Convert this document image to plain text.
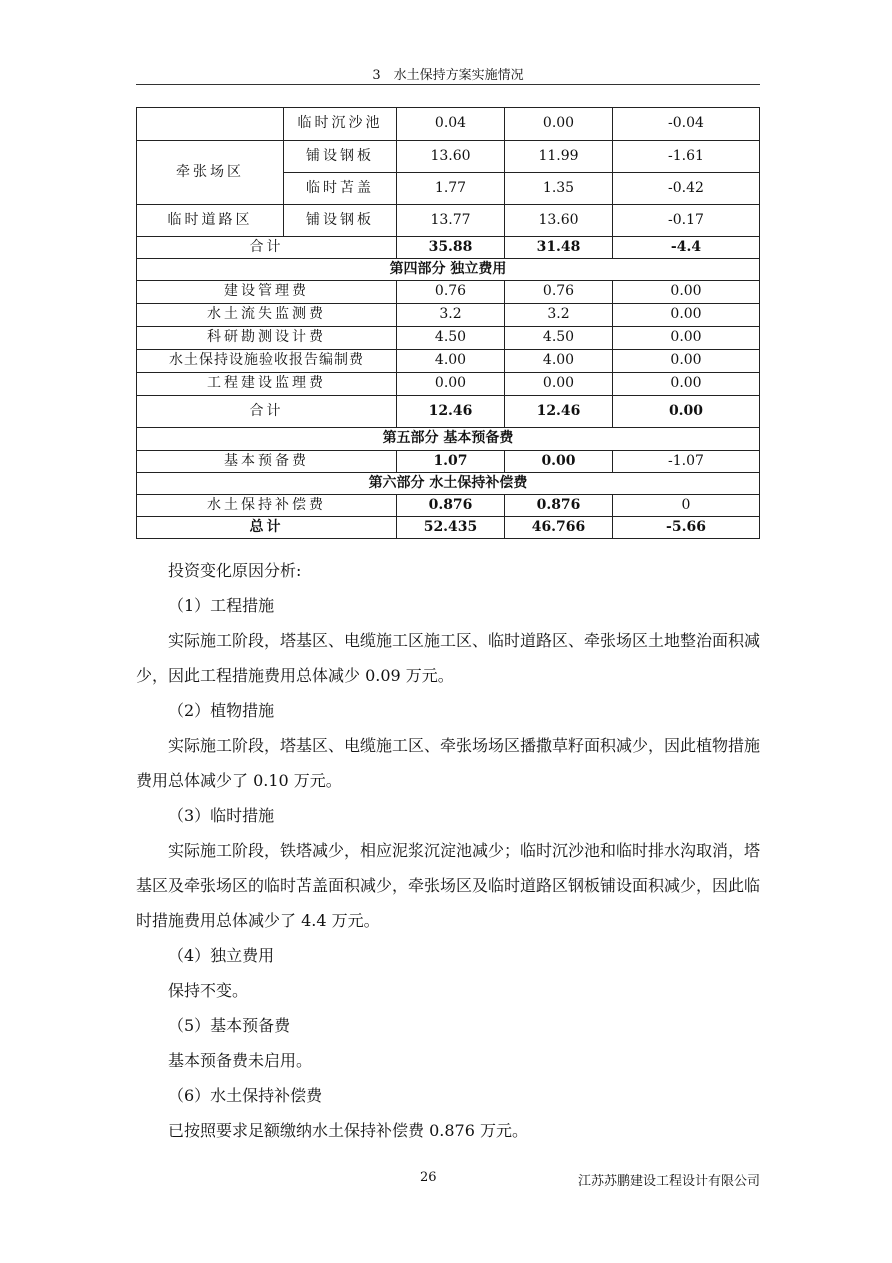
3　水土保持方案实施情况
	临时沉沙池	0.04	0.00	-0.04
牵张场区	铺设钢板	13.60	11.99	-1.61
	临时苫盖	1.77	1.35	-0.42
临时道路区	铺设钢板	13.77	13.60	-0.17
合计		35.88	31.48	-4.4
第四部分 独立费用				
建设管理费		0.76	0.76	0.00
水土流失监测费		3.2	3.2	0.00
科研勘测设计费		4.50	4.50	0.00
水土保持设施验收报告编制费		4.00	4.00	0.00
工程建设监理费		0.00	0.00	0.00
合计		12.46	12.46	0.00
第五部分 基本预备费				
基本预备费		1.07	0.00	-1.07
第六部分 水土保持补偿费				
水土保持补偿费		0.876	0.876	0
总计		52.435	46.766	-5.66

投资变化原因分析:

（1）工程措施

实际施工阶段，塔基区、电缆施工区施工区、临时道路区、牵张场区土地整治面积减少，因此工程措施费用总体减少 0.09 万元。

（2）植物措施

实际施工阶段，塔基区、电缆施工区、牵张场场区播撒草籽面积减少，因此植物措施费用总体减少了 0.10 万元。

（3）临时措施

实际施工阶段，铁塔减少，相应泥浆沉淀池减少；临时沉沙池和临时排水沟取消，塔基区及牵张场区的临时苫盖面积减少，牵张场区及临时道路区钢板铺设面积减少，因此临时措施费用总体减少了 4.4 万元。

（4）独立费用

保持不变。

（5）基本预备费

基本预备费未启用。

（6）水土保持补偿费

已按照要求足额缴纳水土保持补偿费 0.876 万元。

26	江苏苏鹏建设工程设计有限公司
